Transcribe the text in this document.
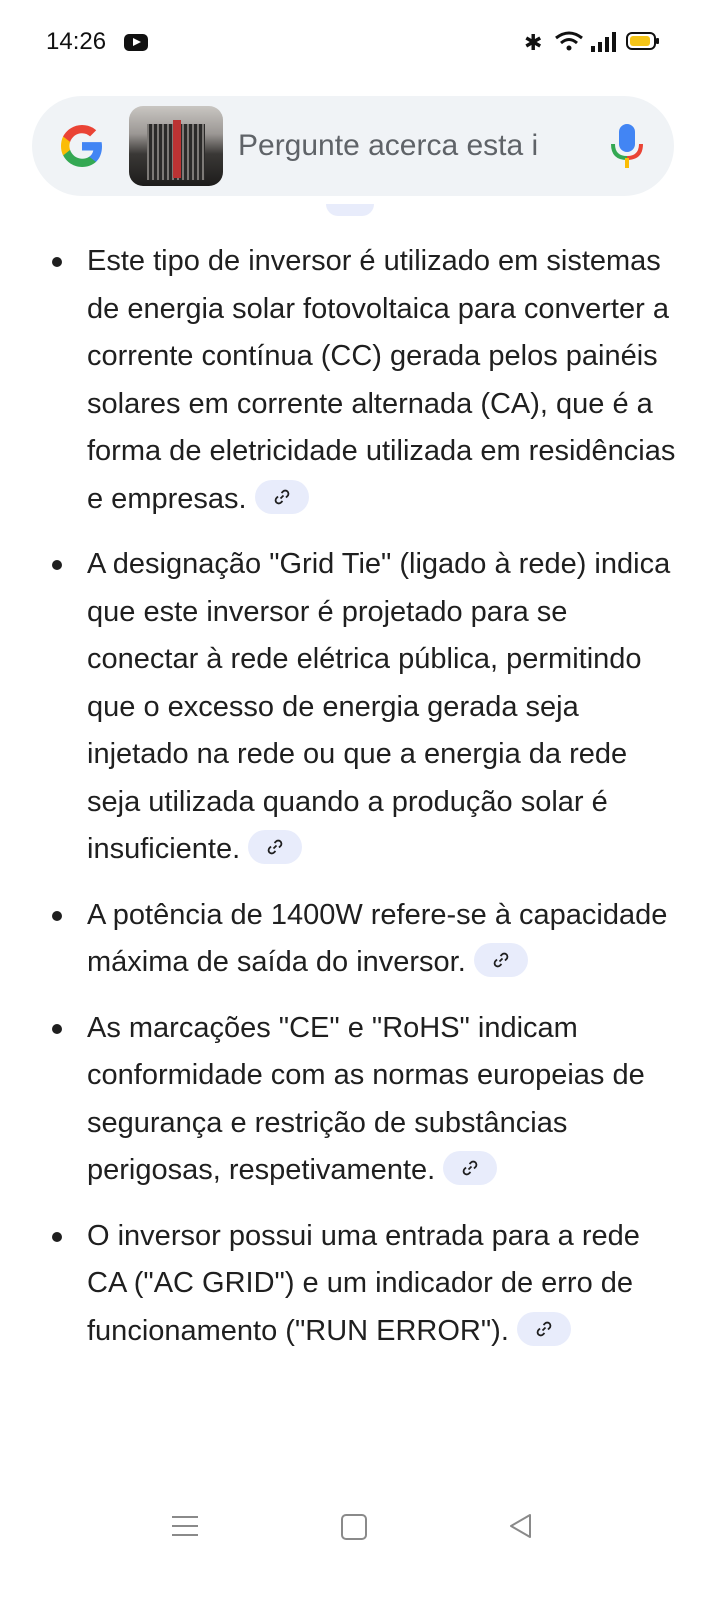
14:26	✱
Pergunte acerca esta i
Este tipo de inversor é utilizado em sistemas de energia solar fotovoltaica para converter a corrente contínua (CC) gerada pelos painéis solares em corrente alternada (CA), que é a forma de eletricidade utilizada em residências e empresas.
A designação "Grid Tie" (ligado à rede) indica que este inversor é projetado para se conectar à rede elétrica pública, permitindo que o excesso de energia gerada seja injetado na rede ou que a energia da rede seja utilizada quando a produção solar é insuficiente.
A potência de 1400W refere-se à capacidade máxima de saída do inversor.
As marcações "CE" e "RoHS" indicam conformidade com as normas europeias de segurança e restrição de substâncias perigosas, respetivamente.
O inversor possui uma entrada para a rede CA ("AC GRID") e um indicador de erro de funcionamento ("RUN ERROR").
